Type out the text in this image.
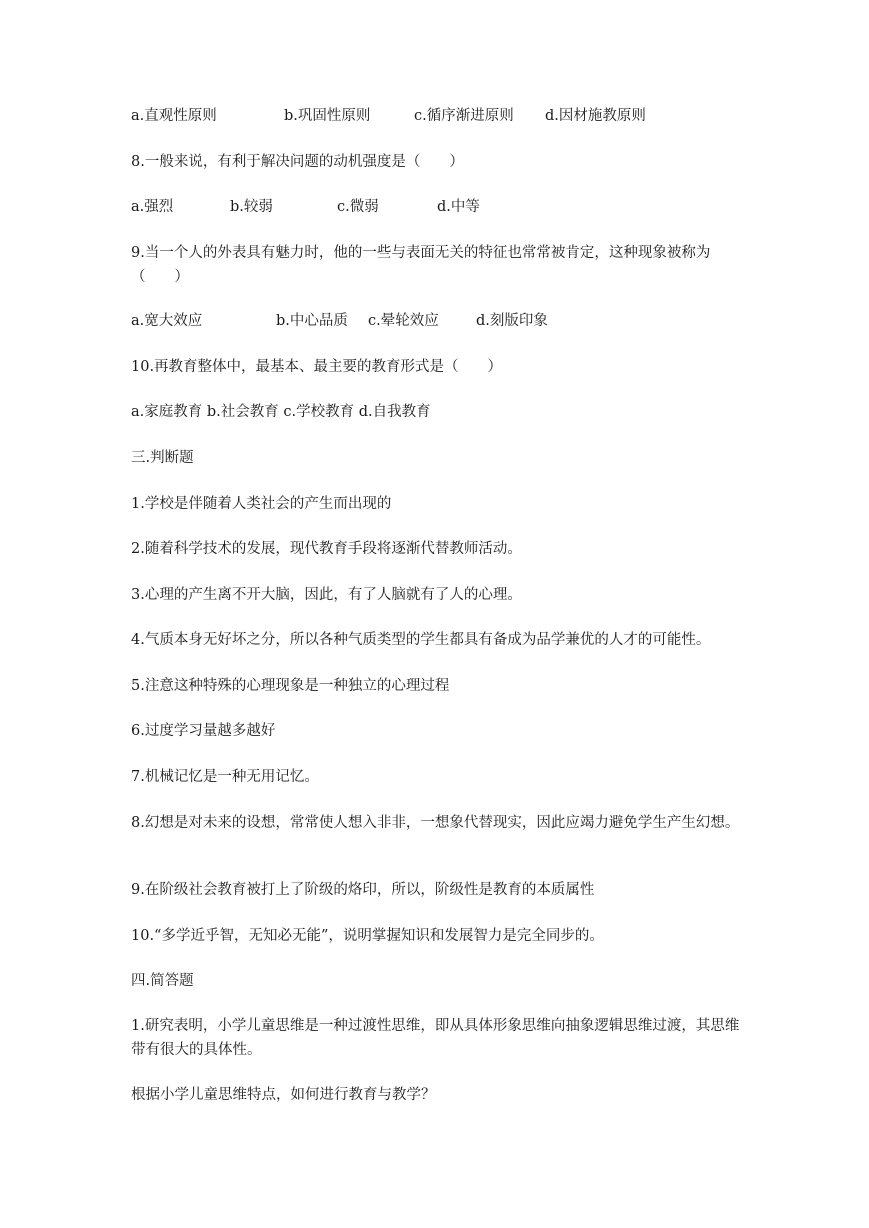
a.直观性原则	b.巩固性原则	c.循序渐进原则 d.因材施教原则
8.一般来说，有利于解决问题的动机强度是（　　）
a.强烈	b.较弱	c.微弱	d.中等
9.当一个人的外表具有魅力时，他的一些与表面无关的特征也常常被肯定，这种现象被称为（　　）
a.宽大效应	b.中心品质 c.晕轮效应	d.刻版印象
10.再教育整体中，最基本、最主要的教育形式是（　　）
a.家庭教育 b.社会教育 c.学校教育 d.自我教育
三.判断题
1.学校是伴随着人类社会的产生而出现的
2.随着科学技术的发展，现代教育手段将逐渐代替教师活动。
3.心理的产生离不开大脑，因此，有了人脑就有了人的心理。
4.气质本身无好坏之分，所以各种气质类型的学生都具有备成为品学兼优的人才的可能性。
5.注意这种特殊的心理现象是一种独立的心理过程
6.过度学习量越多越好
7.机械记忆是一种无用记忆。
8.幻想是对未来的设想，常常使人想入非非，一想象代替现实，因此应竭力避免学生产生幻想。
9.在阶级社会教育被打上了阶级的烙印，所以，阶级性是教育的本质属性
10.“多学近乎智，无知必无能”，说明掌握知识和发展智力是完全同步的。
四.简答题
1.研究表明，小学儿童思维是一种过渡性思维，即从具体形象思维向抽象逻辑思维过渡，其思维带有很大的具体性。
根据小学儿童思维特点，如何进行教育与教学？
